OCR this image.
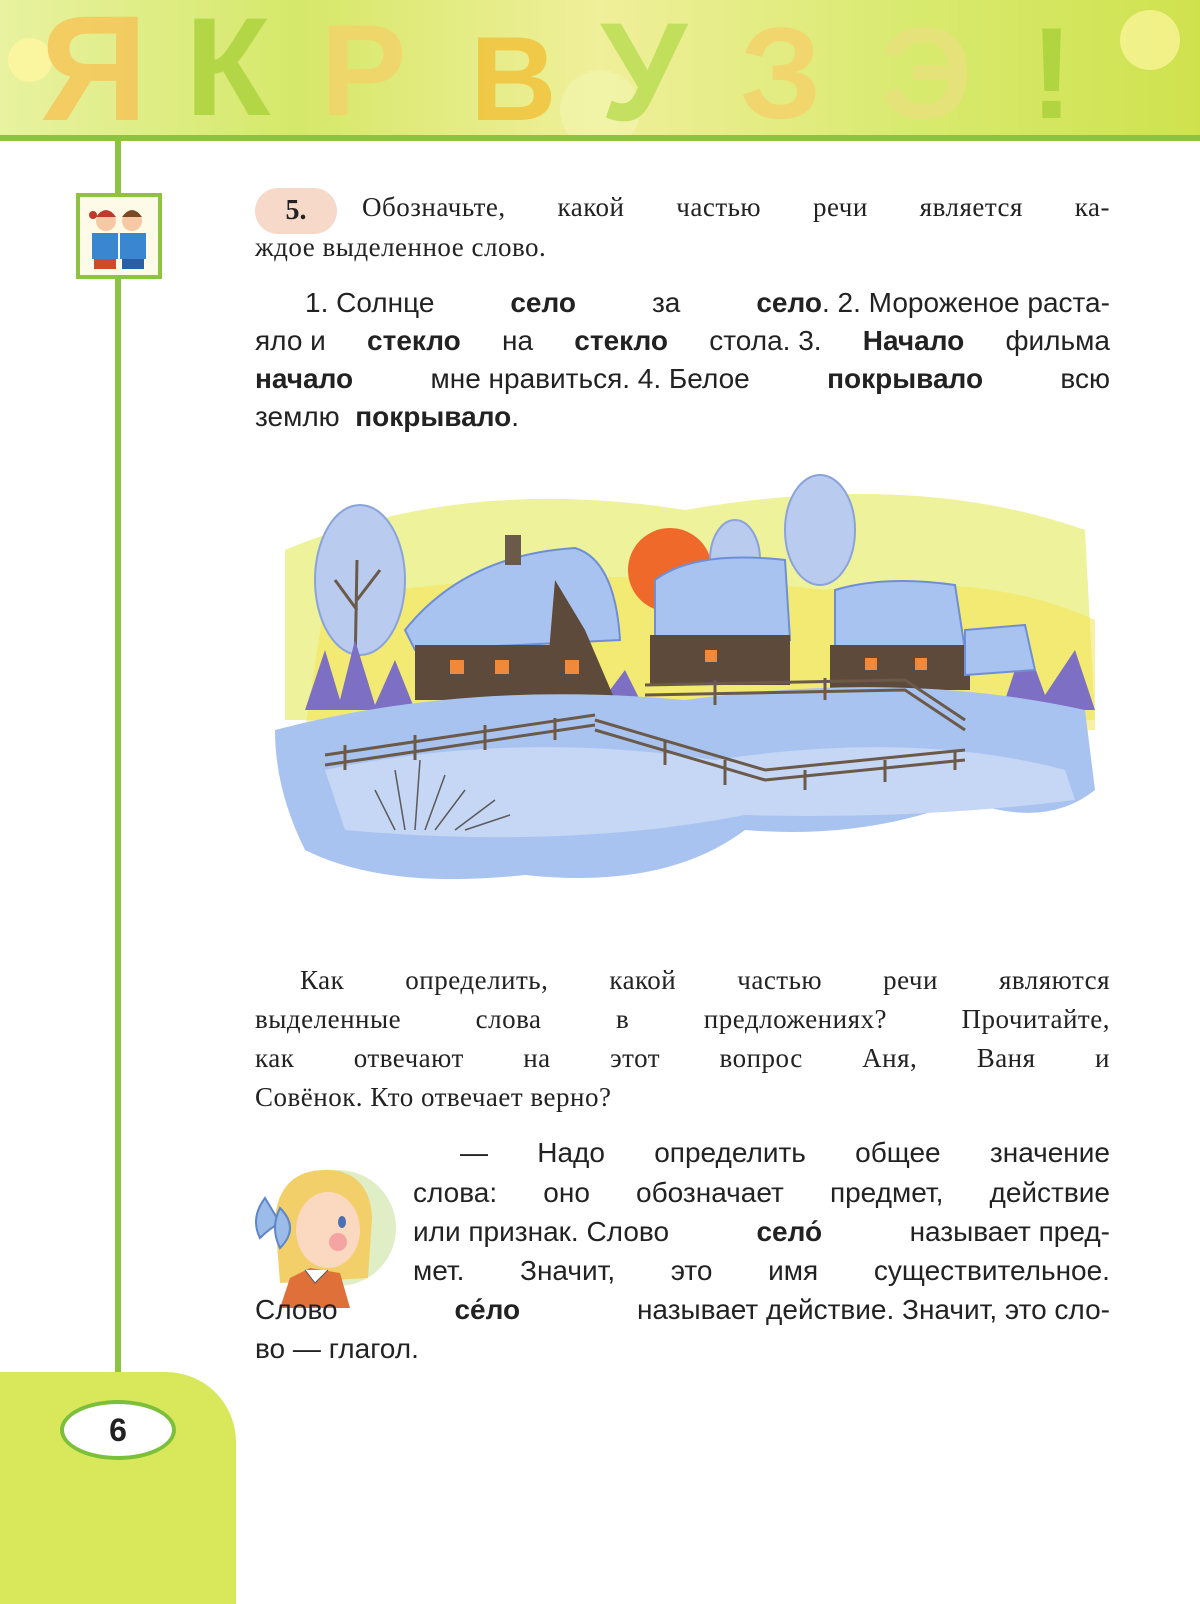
Я К Р В У З Э !
6
5.	Обозначьте, какой частью речи является ка-
ждое выделенное слово.
1. Солнце	село	за	село. 2. Мороженое раста-
яло и стекло на стекло стола. 3. Начало фильма
начало	мне нравиться. 4. Белое	покрывало	всю
землю покрывало.
Как определить, какой частью речи являются
выделенные	слова	в	предложениях?	Прочитайте,
как отвечают на этот вопрос Аня, Ваня и
Совёнок. Кто отвечает верно?
— Надо определить общее значение
слова: оно обозначает предмет, действие
или признак. Слово	село́	называет пред-
мет. Значит, это имя существительное.
Слово	се́ло	называет действие. Значит, это сло-
во — глагол.
